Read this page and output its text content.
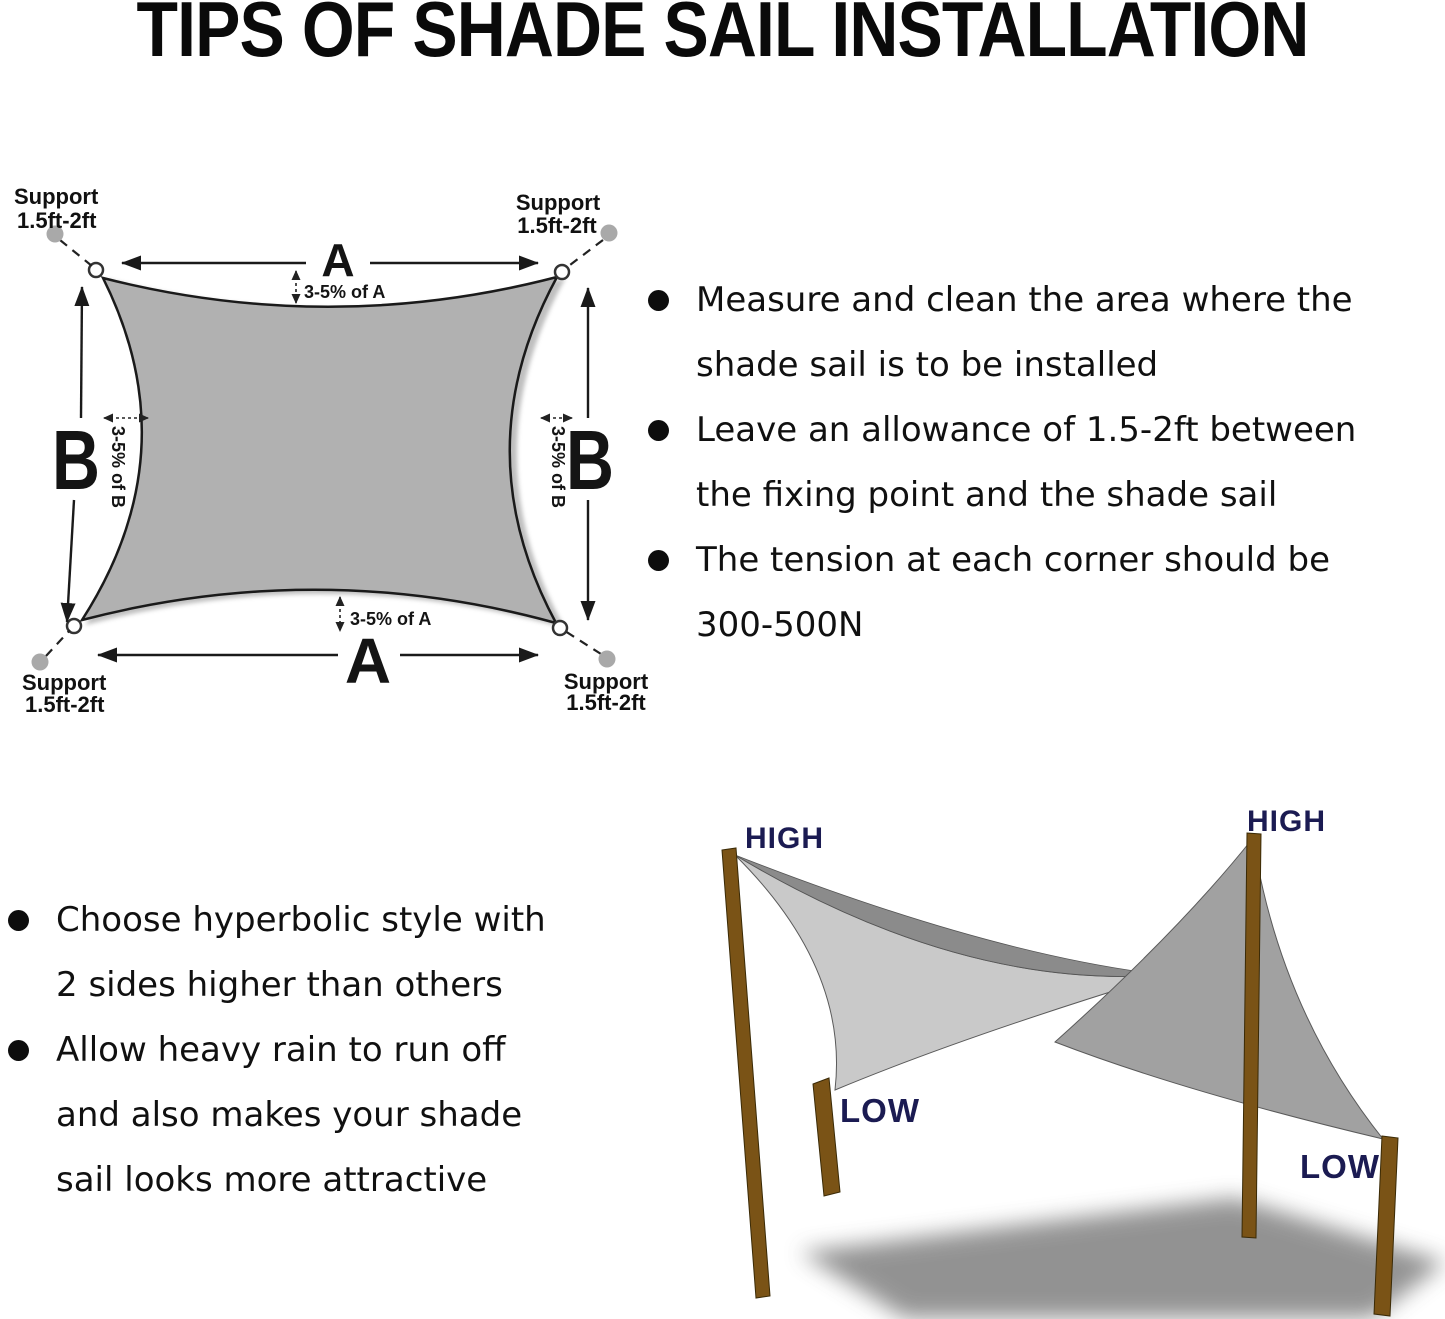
TIPS OF SHADE SAIL INSTALLATION
Support
1.5ft-2ft
Support
1.5ft-2ft
Support
1.5ft-2ft
Support
1.5ft-2ft
A
3-5% of A
A
3-5% of A
B 3-5% of B	B
3-5% of B
Measure and clean the area where the
shade sail is to be installed
Leave an allowance of 1.5-2ft between
the fixing point and the shade sail
The tension at each corner should be
300-500N
Choose hyperbolic style with
2 sides higher than others
Allow heavy rain to run off
and also makes your shade
sail looks more attractive
HIGH
HIGH
LOW
LOW
